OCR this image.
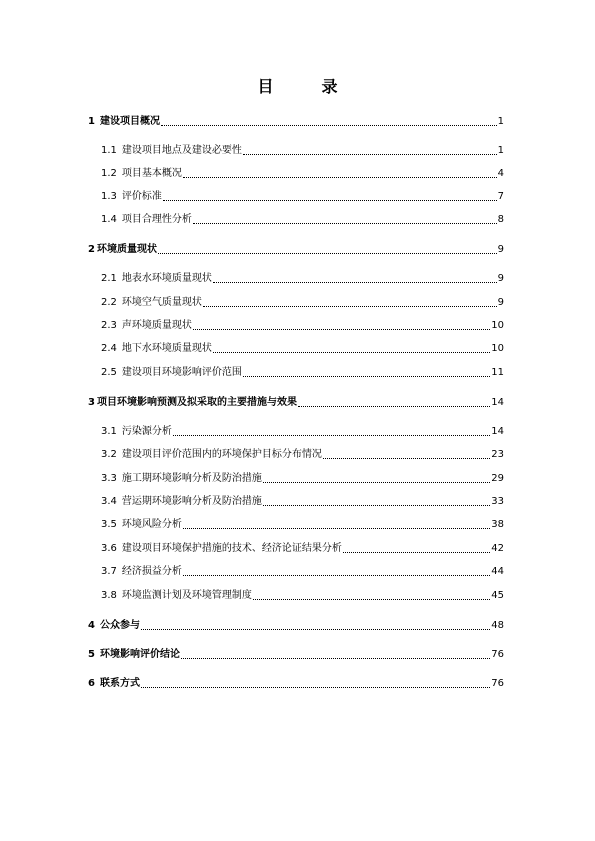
目　录
1 建设项目概况	1
1.1 建设项目地点及建设必要性	1
1.2 项目基本概况	4
1.3 评价标准	7
1.4 项目合理性分析	8
2 环境质量现状	9
2.1 地表水环境质量现状	9
2.2 环境空气质量现状	9
2.3 声环境质量现状	10
2.4 地下水环境质量现状	10
2.5 建设项目环境影响评价范围	11
3 项目环境影响预测及拟采取的主要措施与效果	14
3.1 污染源分析	14
3.2 建设项目评价范围内的环境保护目标分布情况	23
3.3 施工期环境影响分析及防治措施	29
3.4 营运期环境影响分析及防治措施	33
3.5 环境风险分析	38
3.6 建设项目环境保护措施的技术、经济论证结果分析	42
3.7 经济损益分析	44
3.8 环境监测计划及环境管理制度	45
4 公众参与	48
5 环境影响评价结论	76
6 联系方式	76
